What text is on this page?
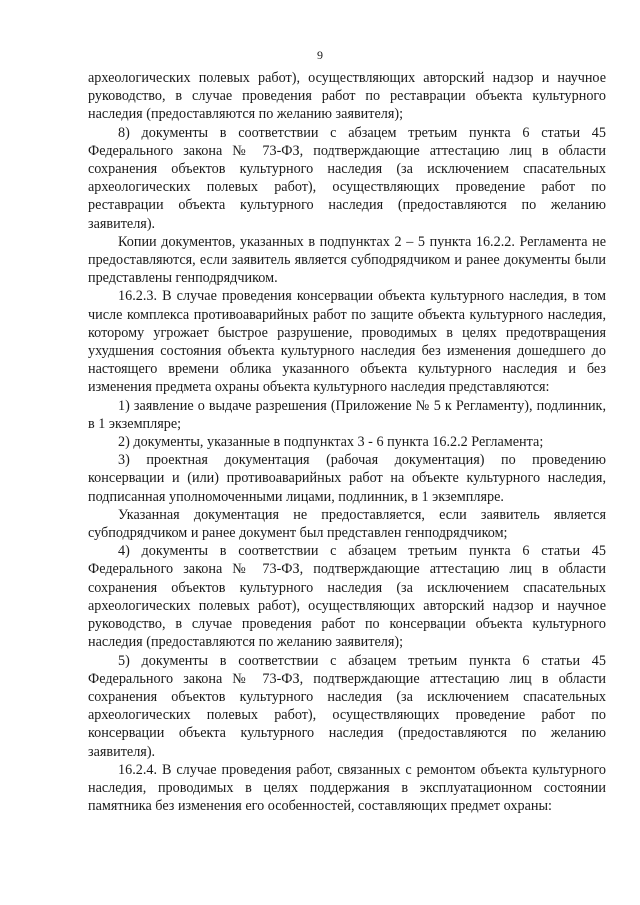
9

археологических полевых работ), осуществляющих авторский надзор и научное руководство, в случае проведения работ по реставрации объекта культурного наследия (предоставляются по желанию заявителя);

8) документы в соответствии с абзацем третьим пункта 6 статьи 45 Федерального закона № 73-ФЗ, подтверждающие аттестацию лиц в области сохранения объектов культурного наследия (за исключением спасательных археологических полевых работ), осуществляющих проведение работ по реставрации объекта культурного наследия (предоставляются по желанию заявителя).

Копии документов, указанных в подпунктах 2 – 5 пункта 16.2.2. Регламента не предоставляются, если заявитель является субподрядчиком и ранее документы были представлены генподрядчиком.

16.2.3. В случае проведения консервации объекта культурного наследия, в том числе комплекса противоаварийных работ по защите объекта культурного наследия, которому угрожает быстрое разрушение, проводимых в целях предотвращения ухудшения состояния объекта культурного наследия без изменения дошедшего до настоящего времени облика указанного объекта культурного наследия и без изменения предмета охраны объекта культурного наследия представляются:

1) заявление о выдаче разрешения (Приложение № 5 к Регламенту), подлинник, в 1 экземпляре;

2) документы, указанные в подпунктах 3 - 6 пункта 16.2.2 Регламента;

3) проектная документация (рабочая документация) по проведению консервации и (или) противоаварийных работ на объекте культурного наследия, подписанная уполномоченными лицами, подлинник, в 1 экземпляре.

Указанная документация не предоставляется, если заявитель является субподрядчиком и ранее документ был представлен генподрядчиком;

4) документы в соответствии с абзацем третьим пункта 6 статьи 45 Федерального закона № 73-ФЗ, подтверждающие аттестацию лиц в области сохранения объектов культурного наследия (за исключением спасательных археологических полевых работ), осуществляющих авторский надзор и научное руководство, в случае проведения работ по консервации объекта культурного наследия (предоставляются по желанию заявителя);

5) документы в соответствии с абзацем третьим пункта 6 статьи 45 Федерального закона № 73-ФЗ, подтверждающие аттестацию лиц в области сохранения объектов культурного наследия (за исключением спасательных археологических полевых работ), осуществляющих проведение работ по консервации объекта культурного наследия (предоставляются по желанию заявителя).

16.2.4. В случае проведения работ, связанных с ремонтом объекта культурного наследия, проводимых в целях поддержания в эксплуатационном состоянии памятника без изменения его особенностей, составляющих предмет охраны:
